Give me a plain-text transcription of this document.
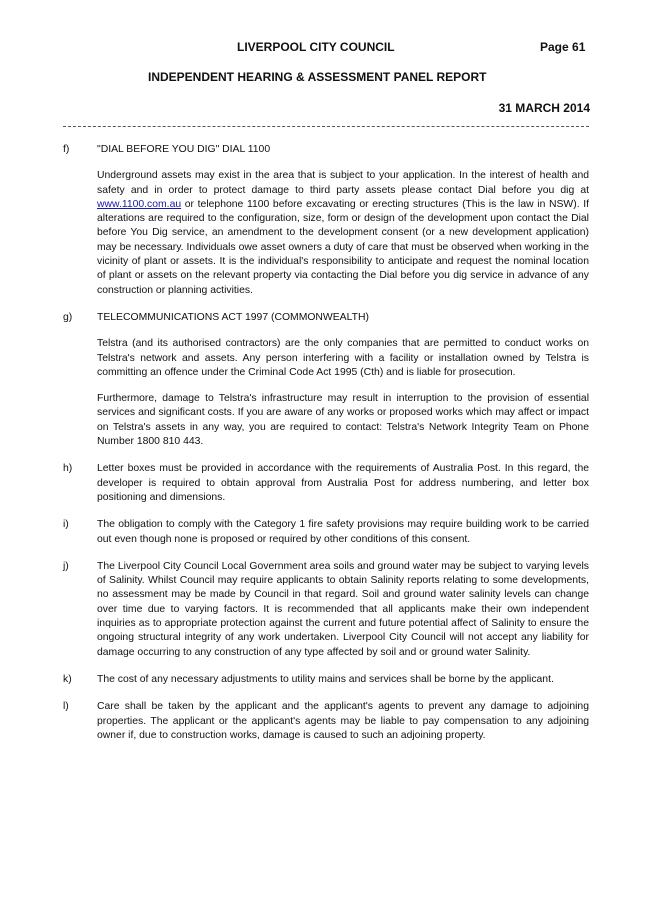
LIVERPOOL CITY COUNCIL	Page 61
INDEPENDENT HEARING & ASSESSMENT PANEL REPORT
31 MARCH 2014
f)	"DIAL BEFORE YOU DIG" DIAL 1100

Underground assets may exist in the area that is subject to your application. In the interest of health and safety and in order to protect damage to third party assets please contact Dial before you dig at www.1100.com.au or telephone 1100 before excavating or erecting structures (This is the law in NSW). If alterations are required to the configuration, size, form or design of the development upon contact the Dial before You Dig service, an amendment to the development consent (or a new development application) may be necessary. Individuals owe asset owners a duty of care that must be observed when working in the vicinity of plant or assets. It is the individual's responsibility to anticipate and request the nominal location of plant or assets on the relevant property via contacting the Dial before you dig service in advance of any construction or planning activities.

g)	TELECOMMUNICATIONS ACT 1997 (COMMONWEALTH)

Telstra (and its authorised contractors) are the only companies that are permitted to conduct works on Telstra's network and assets. Any person interfering with a facility or installation owned by Telstra is committing an offence under the Criminal Code Act 1995 (Cth) and is liable for prosecution.

Furthermore, damage to Telstra's infrastructure may result in interruption to the provision of essential services and significant costs. If you are aware of any works or proposed works which may affect or impact on Telstra's assets in any way, you are required to contact: Telstra's Network Integrity Team on Phone Number 1800 810 443.

h)	Letter boxes must be provided in accordance with the requirements of Australia Post. In this regard, the developer is required to obtain approval from Australia Post for address numbering, and letter box positioning and dimensions.

i)	The obligation to comply with the Category 1 fire safety provisions may require building work to be carried out even though none is proposed or required by other conditions of this consent.

j)	The Liverpool City Council Local Government area soils and ground water may be subject to varying levels of Salinity. Whilst Council may require applicants to obtain Salinity reports relating to some developments, no assessment may be made by Council in that regard. Soil and ground water salinity levels can change over time due to varying factors. It is recommended that all applicants make their own independent inquiries as to appropriate protection against the current and future potential affect of Salinity to ensure the ongoing structural integrity of any work undertaken. Liverpool City Council will not accept any liability for damage occurring to any construction of any type affected by soil and or ground water Salinity.

k)	The cost of any necessary adjustments to utility mains and services shall be borne by the applicant.

l)	Care shall be taken by the applicant and the applicant's agents to prevent any damage to adjoining properties. The applicant or the applicant's agents may be liable to pay compensation to any adjoining owner if, due to construction works, damage is caused to such an adjoining property.
